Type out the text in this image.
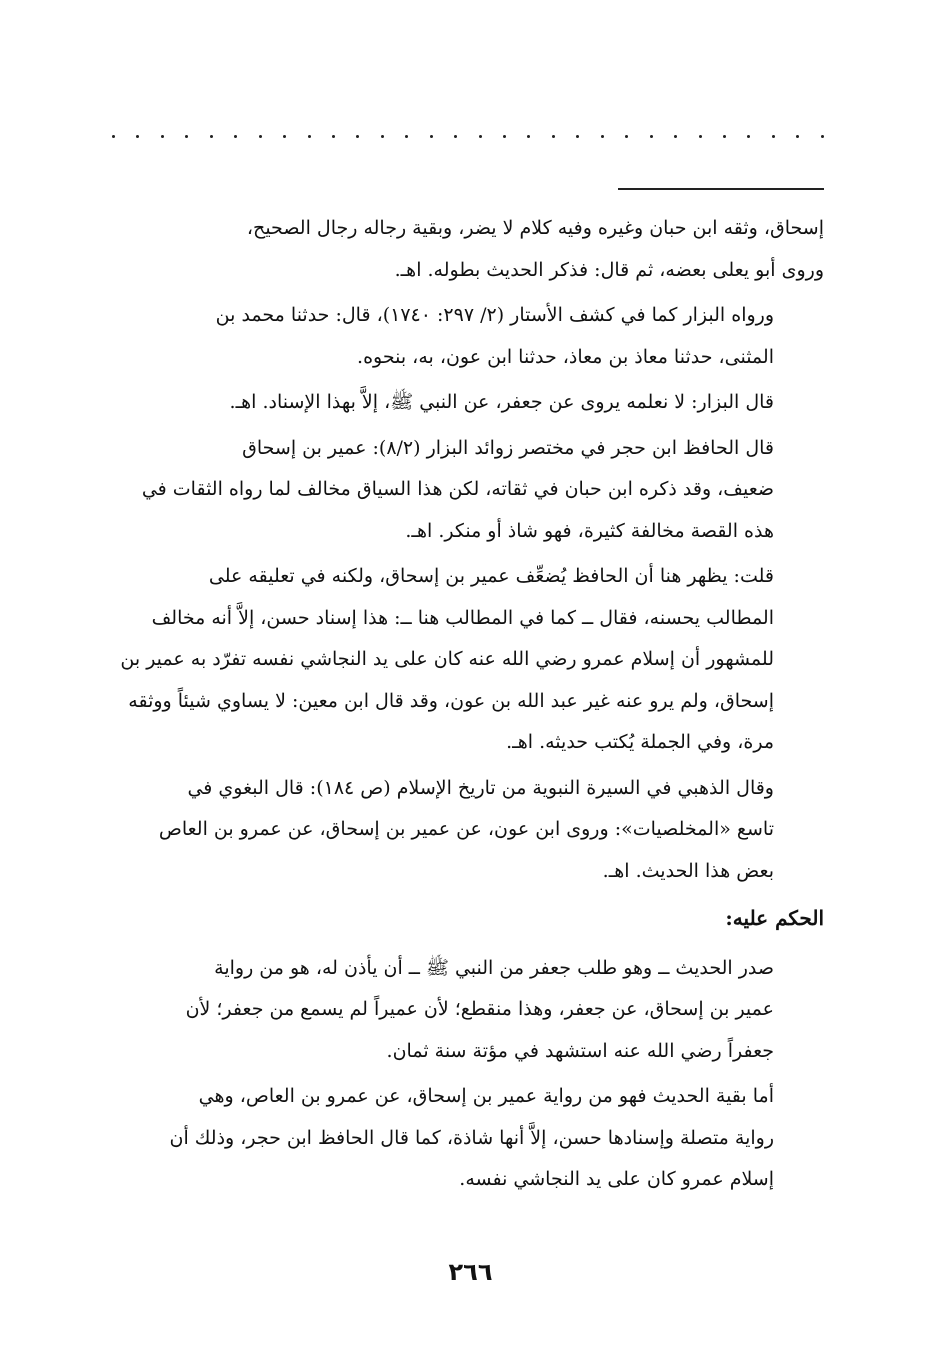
إسحاق، وثقه ابن حبان وغيره وفيه كلام لا يضر، وبقية رجاله رجال الصحيح،
وروى أبو يعلى بعضه، ثم قال: فذكر الحديث بطوله. اهـ.
ورواه البزار كما في كشف الأستار (٢/ ٢٩٧: ١٧٤٠)، قال: حدثنا محمد بن
المثنى، حدثنا معاذ بن معاذ، حدثنا ابن عون، به، بنحوه.
قال البزار: لا نعلمه يروى عن جعفر، عن النبي ﷺ، إلاَّ بهذا الإسناد. اهـ.
قال الحافظ ابن حجر في مختصر زوائد البزار (٨/٢): عمير بن إسحاق
ضعيف، وقد ذكره ابن حبان في ثقاته، لكن هذا السياق مخالف لما رواه الثقات في
هذه القصة مخالفة كثيرة، فهو شاذ أو منكر. اهـ.
قلت: يظهر هنا أن الحافظ يُضعِّف عمير بن إسحاق، ولكنه في تعليقه على
المطالب يحسنه، فقال ــ كما في المطالب هنا ــ: هذا إسناد حسن، إلاَّ أنه مخالف
للمشهور أن إسلام عمرو رضي الله عنه كان على يد النجاشي نفسه تفرّد به عمير بن
إسحاق، ولم يرو عنه غير عبد الله بن عون، وقد قال ابن معين: لا يساوي شيئاً ووثقه
مرة، وفي الجملة يُكتب حديثه. اهـ.
وقال الذهبي في السيرة النبوية من تاريخ الإسلام (ص ١٨٤): قال البغوي في
تاسع «المخلصيات»: وروى ابن عون، عن عمير بن إسحاق، عن عمرو بن العاص
بعض هذا الحديث. اهـ.
الحكم عليه:
صدر الحديث ــ وهو طلب جعفر من النبي ﷺ ــ أن يأذن له، هو من رواية
عمير بن إسحاق، عن جعفر، وهذا منقطع؛ لأن عميراً لم يسمع من جعفر؛ لأن
جعفراً رضي الله عنه استشهد في مؤتة سنة ثمان.
أما بقية الحديث فهو من رواية عمير بن إسحاق، عن عمرو بن العاص، وهي
رواية متصلة وإسنادها حسن، إلاَّ أنها شاذة، كما قال الحافظ ابن حجر، وذلك أن
إسلام عمرو كان على يد النجاشي نفسه.
٢٦٦
